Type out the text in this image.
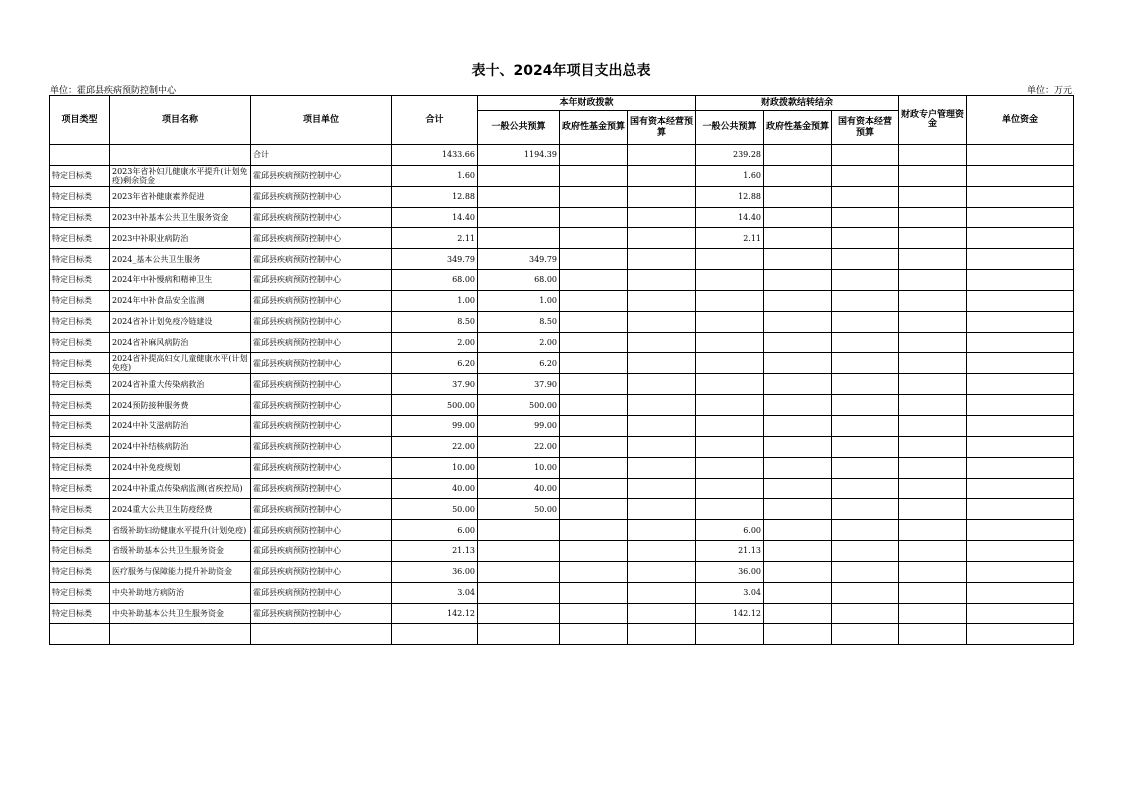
表十、2024年项目支出总表
单位：霍邱县疾病预防控制中心	单位：万元
项目类型	项目名称	项目单位	合计	本年财政拨款			财政拨款结转结余			财政专户管理资金	单位资金
				一般公共预算	政府性基金预算	国有资本经营预算	一般公共预算	政府性基金预算	国有资本经营预算		
		合计	1433.66	1194.39			239.28				
特定目标类	2023年省补妇儿健康水平提升(计划免疫)剩余资金	霍邱县疾病预防控制中心	1.60				1.60				
特定目标类	2023年省补健康素养促进	霍邱县疾病预防控制中心	12.88				12.88				
特定目标类	2023中补基本公共卫生服务资金	霍邱县疾病预防控制中心	14.40				14.40				
特定目标类	2023中补职业病防治	霍邱县疾病预防控制中心	2.11				2.11				
特定目标类	2024_基本公共卫生服务	霍邱县疾病预防控制中心	349.79	349.79							
特定目标类	2024年中补慢病和精神卫生	霍邱县疾病预防控制中心	68.00	68.00							
特定目标类	2024年中补食品安全监测	霍邱县疾病预防控制中心	1.00	1.00							
特定目标类	2024省补计划免疫冷链建设	霍邱县疾病预防控制中心	8.50	8.50							
特定目标类	2024省补麻风病防治	霍邱县疾病预防控制中心	2.00	2.00							
特定目标类	2024省补提高妇女儿童健康水平(计划免疫)	霍邱县疾病预防控制中心	6.20	6.20							
特定目标类	2024省补重大传染病救治	霍邱县疾病预防控制中心	37.90	37.90							
特定目标类	2024预防接种服务费	霍邱县疾病预防控制中心	500.00	500.00							
特定目标类	2024中补艾滋病防治	霍邱县疾病预防控制中心	99.00	99.00							
特定目标类	2024中补结核病防治	霍邱县疾病预防控制中心	22.00	22.00							
特定目标类	2024中补免疫规划	霍邱县疾病预防控制中心	10.00	10.00							
特定目标类	2024中补重点传染病监测(省疾控局)	霍邱县疾病预防控制中心	40.00	40.00							
特定目标类	2024重大公共卫生防疫经费	霍邱县疾病预防控制中心	50.00	50.00							
特定目标类	省级补助妇幼健康水平提升(计划免疫)	霍邱县疾病预防控制中心	6.00				6.00				
特定目标类	省级补助基本公共卫生服务资金	霍邱县疾病预防控制中心	21.13				21.13				
特定目标类	医疗服务与保障能力提升补助资金	霍邱县疾病预防控制中心	36.00				36.00				
特定目标类	中央补助地方病防治	霍邱县疾病预防控制中心	3.04				3.04				
特定目标类	中央补助基本公共卫生服务资金	霍邱县疾病预防控制中心	142.12				142.12				
